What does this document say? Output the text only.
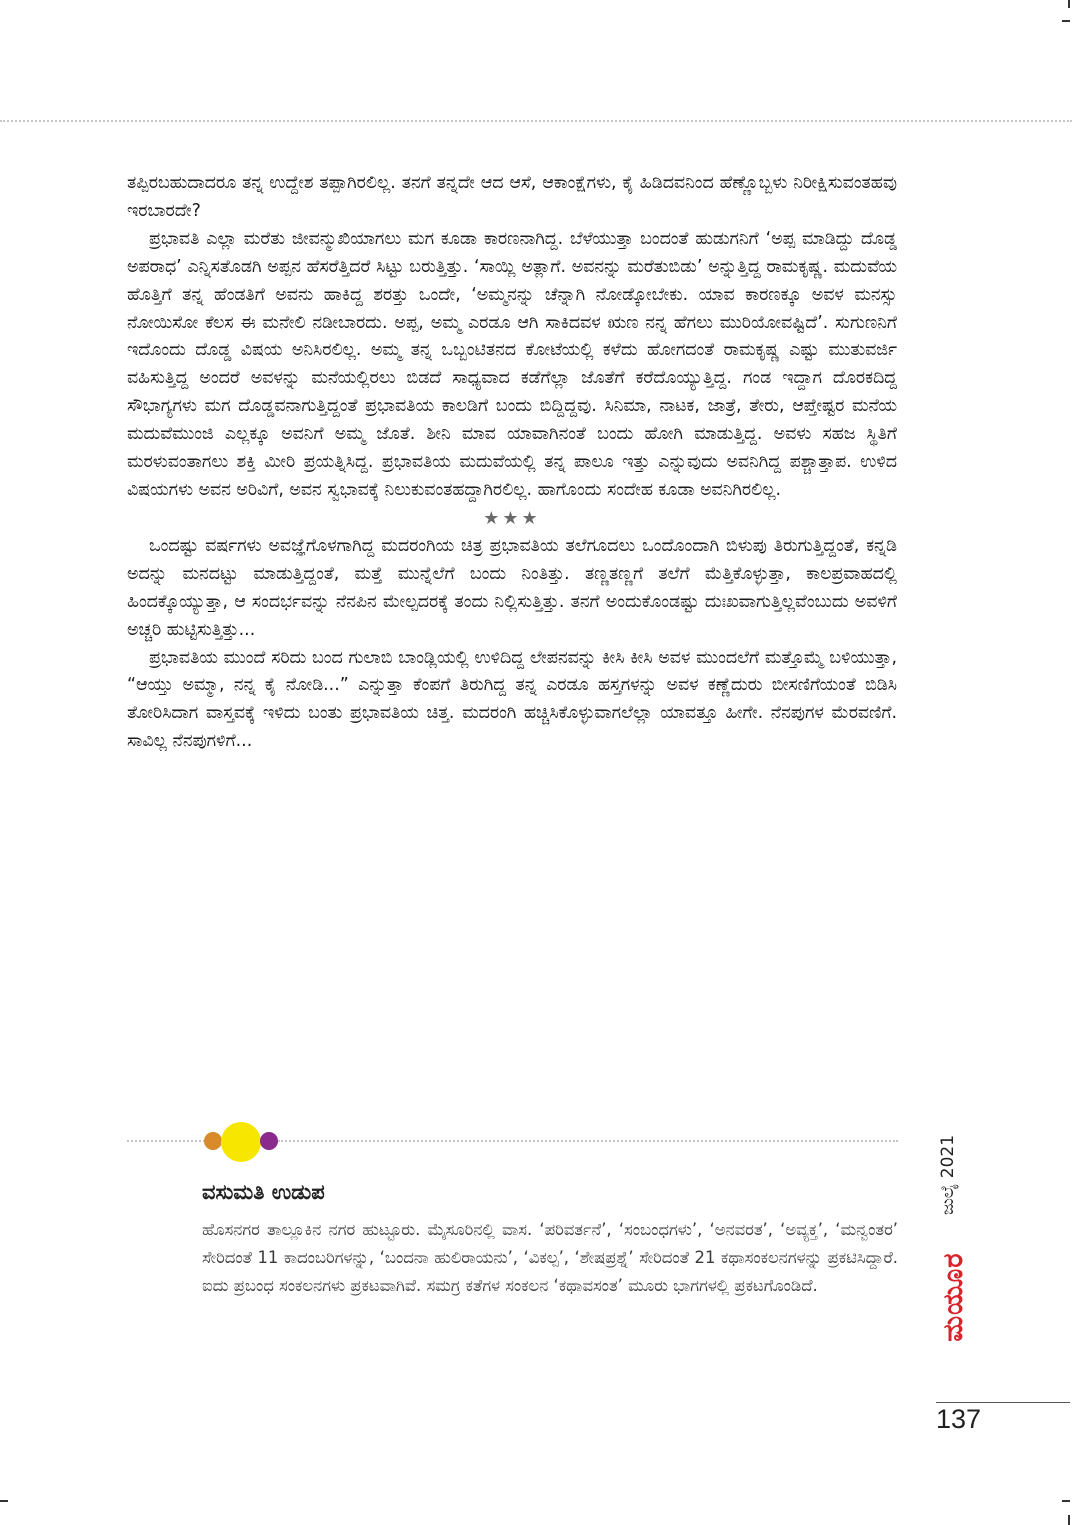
ತಪ್ಪಿರಬಹುದಾದರೂ ತನ್ನ ಉದ್ದೇಶ ತಪ್ಪಾಗಿರಲಿಲ್ಲ. ತನಗೆ ತನ್ನದೇ ಆದ ಆಸೆ, ಆಕಾಂಕ್ಷೆಗಳು, ಕೈ ಹಿಡಿದವನಿಂದ ಹೆಣ್ಣೊಬ್ಬಳು ನಿರೀಕ್ಷಿಸುವಂತಹವು ಇರಬಾರದೇ?

ಪ್ರಭಾವತಿ ಎಲ್ಲಾ ಮರೆತು ಜೀವನ್ಮುಖಿಯಾಗಲು ಮಗ ಕೂಡಾ ಕಾರಣನಾಗಿದ್ದ. ಬೆಳೆಯುತ್ತಾ ಬಂದಂತೆ ಹುಡುಗನಿಗೆ ‘ಅಪ್ಪ ಮಾಡಿದ್ದು ದೊಡ್ಡ ಅಪರಾಧ’ ಎನ್ನಿಸತೊಡಗಿ ಅಪ್ಪನ ಹೆಸರೆತ್ತಿದರೆ ಸಿಟ್ಟು ಬರುತ್ತಿತ್ತು. ‘ಸಾಯ್ಲಿ ಅತ್ಲಾಗೆ. ಅವನನ್ನು ಮರೆತುಬಿಡು’ ಅನ್ನುತ್ತಿದ್ದ ರಾಮಕೃಷ್ಣ. ಮದುವೆಯ ಹೊತ್ತಿಗೆ ತನ್ನ ಹೆಂಡತಿಗೆ ಅವನು ಹಾಕಿದ್ದ ಶರತ್ತು ಒಂದೇ, ‘ಅಮ್ಮನನ್ನು ಚೆನ್ನಾಗಿ ನೋಡ್ಕೋಬೇಕು. ಯಾವ ಕಾರಣಕ್ಕೂ ಅವಳ ಮನಸ್ಸು ನೋಯಿಸೋ ಕೆಲಸ ಈ ಮನೇಲಿ ನಡೀಬಾರದು. ಅಪ್ಪ, ಅಮ್ಮ ಎರಡೂ ಆಗಿ ಸಾಕಿದವಳ ಋಣ ನನ್ನ ಹೆಗಲು ಮುರಿಯೋವಷ್ಟಿದೆ’. ಸುಗುಣನಿಗೆ ಇದೊಂದು ದೊಡ್ಡ ವಿಷಯ ಅನಿಸಿರಲಿಲ್ಲ. ಅಮ್ಮ ತನ್ನ ಒಬ್ಬಂಟಿತನದ ಕೋಟೆಯಲ್ಲಿ ಕಳೆದು ಹೋಗದಂತೆ ರಾಮಕೃಷ್ಣ ಎಷ್ಟು ಮುತುವರ್ಜಿ ವಹಿಸುತ್ತಿದ್ದ ಅಂದರೆ ಅವಳನ್ನು ಮನೆಯಲ್ಲಿರಲು ಬಿಡದೆ ಸಾಧ್ಯವಾದ ಕಡೆಗೆಲ್ಲಾ ಜೊತೆಗೆ ಕರೆದೊಯ್ಯುತ್ತಿದ್ದ. ಗಂಡ ಇದ್ದಾಗ ದೊರಕದಿದ್ದ ಸೌಭಾಗ್ಯಗಳು ಮಗ ದೊಡ್ಡವನಾಗುತ್ತಿದ್ದಂತೆ ಪ್ರಭಾವತಿಯ ಕಾಲಡಿಗೆ ಬಂದು ಬಿದ್ದಿದ್ದವು. ಸಿನಿಮಾ, ನಾಟಕ, ಜಾತ್ರೆ, ತೇರು, ಆಪ್ತೇಷ್ಟರ ಮನೆಯ ಮದುವೆಮುಂಜಿ ಎಲ್ಲಕ್ಕೂ ಅವನಿಗೆ ಅಮ್ಮ ಜೊತೆ. ಶೀನಿ ಮಾವ ಯಾವಾಗಿನಂತೆ ಬಂದು ಹೋಗಿ ಮಾಡುತ್ತಿದ್ದ. ಅವಳು ಸಹಜ ಸ್ಥಿತಿಗೆ ಮರಳುವಂತಾಗಲು ಶಕ್ತಿ ಮೀರಿ ಪ್ರಯತ್ನಿಸಿದ್ದ. ಪ್ರಭಾವತಿಯ ಮದುವೆಯಲ್ಲಿ ತನ್ನ ಪಾಲೂ ಇತ್ತು ಎನ್ನುವುದು ಅವನಿಗಿದ್ದ ಪಶ್ಚಾತ್ತಾಪ. ಉಳಿದ ವಿಷಯಗಳು ಅವನ ಅರಿವಿಗೆ, ಅವನ ಸ್ವಭಾವಕ್ಕೆ ನಿಲುಕುವಂತಹದ್ದಾಗಿರಲಿಲ್ಲ. ಹಾಗೊಂದು ಸಂದೇಹ ಕೂಡಾ ಅವನಿಗಿರಲಿಲ್ಲ.

★★★

ಒಂದಷ್ಟು ವರ್ಷಗಳು ಅವಜ್ಞೆಗೊಳಗಾಗಿದ್ದ ಮದರಂಗಿಯ ಚಿತ್ರ ಪ್ರಭಾವತಿಯ ತಲೆಗೂದಲು ಒಂದೊಂದಾಗಿ ಬಿಳುಪು ತಿರುಗುತ್ತಿದ್ದಂತೆ, ಕನ್ನಡಿ ಅದನ್ನು ಮನದಟ್ಟು ಮಾಡುತ್ತಿದ್ದಂತೆ, ಮತ್ತೆ ಮುನ್ನೆಲೆಗೆ ಬಂದು ನಿಂತಿತ್ತು. ತಣ್ಣತಣ್ಣಗೆ ತಲೆಗೆ ಮೆತ್ತಿಕೊಳ್ಳುತ್ತಾ, ಕಾಲಪ್ರವಾಹದಲ್ಲಿ ಹಿಂದಕ್ಕೊಯ್ಯುತ್ತಾ, ಆ ಸಂದರ್ಭವನ್ನು ನೆನಪಿನ ಮೇಲ್ಪದರಕ್ಕೆ ತಂದು ನಿಲ್ಲಿಸುತ್ತಿತ್ತು. ತನಗೆ ಅಂದುಕೊಂಡಷ್ಟು ದುಃಖವಾಗುತ್ತಿಲ್ಲವೆಂಬುದು ಅವಳಿಗೆ ಅಚ್ಚರಿ ಹುಟ್ಟಿಸುತ್ತಿತ್ತು...

ಪ್ರಭಾವತಿಯ ಮುಂದೆ ಸರಿದು ಬಂದ ಗುಲಾಬಿ ಬಾಂಡ್ಲಿಯಲ್ಲಿ ಉಳಿದಿದ್ದ ಲೇಪನವನ್ನು ಕೀಸಿ ಕೀಸಿ ಅವಳ ಮುಂದಲೆಗೆ ಮತ್ತೊಮ್ಮೆ ಬಳಿಯುತ್ತಾ, “ಆಯ್ತು ಅಮ್ಮಾ, ನನ್ನ ಕೈ ನೋಡಿ...” ಎನ್ನುತ್ತಾ ಕೆಂಪಗೆ ತಿರುಗಿದ್ದ ತನ್ನ ಎರಡೂ ಹಸ್ತಗಳನ್ನು ಅವಳ ಕಣ್ಣೆದುರು ಬೀಸಣಿಗೆಯಂತೆ ಬಿಡಿಸಿ ತೋರಿಸಿದಾಗ ವಾಸ್ತವಕ್ಕೆ ಇಳಿದು ಬಂತು ಪ್ರಭಾವತಿಯ ಚಿತ್ತ. ಮದರಂಗಿ ಹಚ್ಚಿಸಿಕೊಳ್ಳುವಾಗಲೆಲ್ಲಾ ಯಾವತ್ತೂ ಹೀಗೇ. ನೆನಪುಗಳ ಮೆರವಣಿಗೆ. ಸಾವಿಲ್ಲ ನೆನಪುಗಳಿಗೆ...

ವಸುಮತಿ ಉಡುಪ
ಹೊಸನಗರ ತಾಲ್ಲೂಕಿನ ನಗರ ಹುಟ್ಟೂರು. ಮೈಸೂರಿನಲ್ಲಿ ವಾಸ. ‘ಪರಿವರ್ತನೆ’, ‘ಸಂಬಂಧಗಳು’, ‘ಅನವರತ’, ‘ಅವ್ಯಕ್ತ’, ‘ಮನ್ವಂತರ’ ಸೇರಿದಂತೆ 11 ಕಾದಂಬರಿಗಳನ್ನು, ‘ಬಂದನಾ ಹುಲಿರಾಯನು’, ‘ವಿಕಲ್ಪ’, ‘ಶೇಷಪ್ರಶ್ನೆ’ ಸೇರಿದಂತೆ 21 ಕಥಾಸಂಕಲನಗಳನ್ನು ಪ್ರಕಟಿಸಿದ್ದಾರೆ. ಐದು ಪ್ರಬಂಧ ಸಂಕಲನಗಳು ಪ್ರಕಟವಾಗಿವೆ. ಸಮಗ್ರ ಕತೆಗಳ ಸಂಕಲನ ‘ಕಥಾವಸಂತ’ ಮೂರು ಭಾಗಗಳಲ್ಲಿ ಪ್ರಕಟಗೊಂಡಿದೆ.
ಜುಲೈ 2021
ಮಯೂರ
137
